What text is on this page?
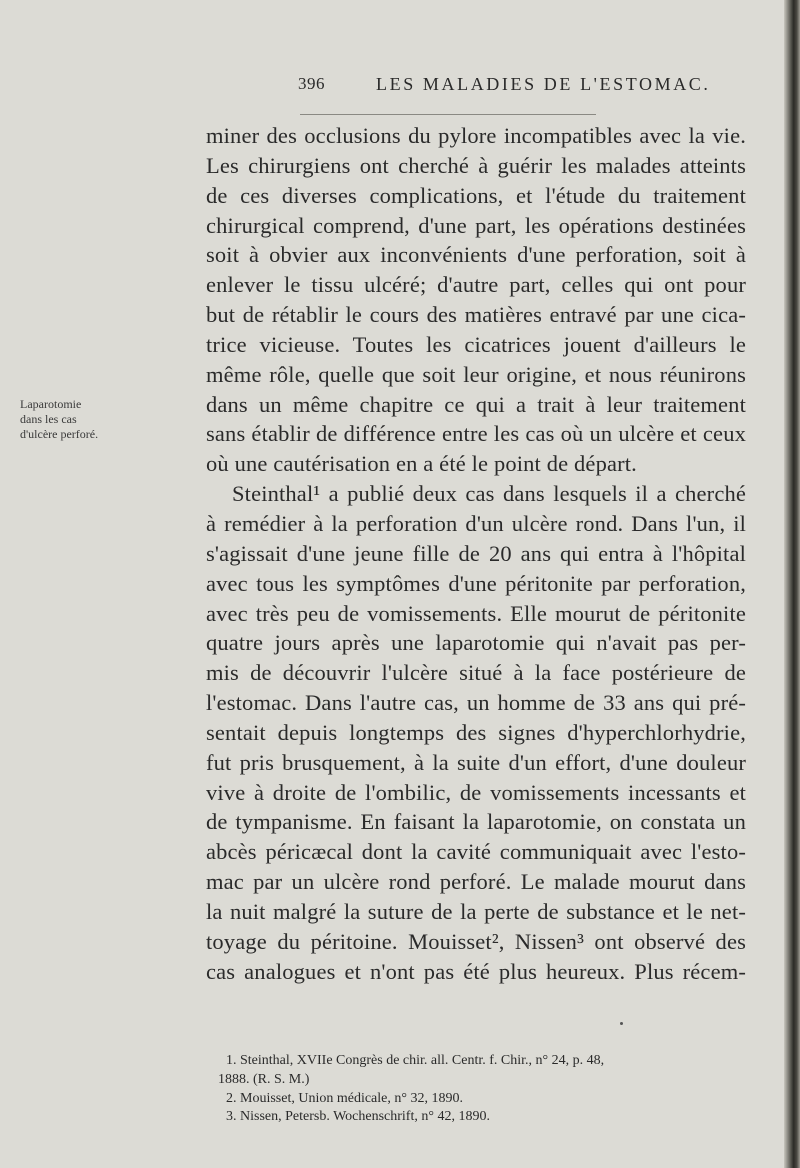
396	LES MALADIES DE L'ESTOMAC.
Laparotomie
dans les cas
d'ulcère perforé.
miner des occlusions du pylore incompatibles avec la vie.
Les chirurgiens ont cherché à guérir les malades atteints
de ces diverses complications, et l'étude du traitement
chirurgical comprend, d'une part, les opérations destinées
soit à obvier aux inconvénients d'une perforation, soit à
enlever le tissu ulcéré; d'autre part, celles qui ont pour
but de rétablir le cours des matières entravé par une cica-
trice vicieuse. Toutes les cicatrices jouent d'ailleurs le
même rôle, quelle que soit leur origine, et nous réunirons
dans un même chapitre ce qui a trait à leur traitement
sans établir de différence entre les cas où un ulcère et ceux
où une cautérisation en a été le point de départ.
Steinthal¹ a publié deux cas dans lesquels il a cherché
à remédier à la perforation d'un ulcère rond. Dans l'un, il
s'agissait d'une jeune fille de 20 ans qui entra à l'hôpital
avec tous les symptômes d'une péritonite par perforation,
avec très peu de vomissements. Elle mourut de péritonite
quatre jours après une laparotomie qui n'avait pas per-
mis de découvrir l'ulcère situé à la face postérieure de
l'estomac. Dans l'autre cas, un homme de 33 ans qui pré-
sentait depuis longtemps des signes d'hyperchlorhydrie,
fut pris brusquement, à la suite d'un effort, d'une douleur
vive à droite de l'ombilic, de vomissements incessants et
de tympanisme. En faisant la laparotomie, on constata un
abcès péricæcal dont la cavité communiquait avec l'esto-
mac par un ulcère rond perforé. Le malade mourut dans
la nuit malgré la suture de la perte de substance et le net-
toyage du péritoine. Mouisset², Nissen³ ont observé des
cas analogues et n'ont pas été plus heureux. Plus récem-
1. Steinthal, XVIIe Congrès de chir. all. Centr. f. Chir., n° 24, p. 48,
1888. (R. S. M.)
2. Mouisset, Union médicale, n° 32, 1890.
3. Nissen, Petersb. Wochenschrift, n° 42, 1890.
